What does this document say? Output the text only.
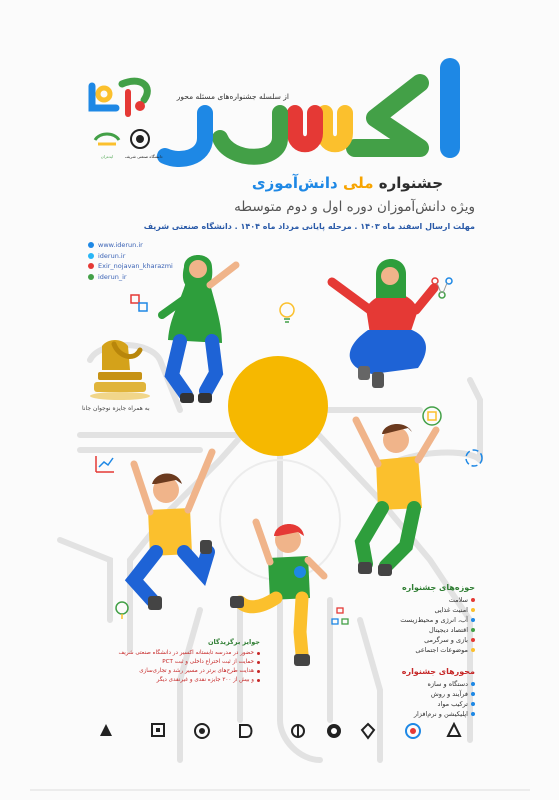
از سلسله جشنواره‌های مسئله محور
ایده‌ران	دانشگاه صنعتی شریف
جشنواره ملی دانش‌آموزی
ویژه دانش‌آموزان دوره اول و دوم متوسطه
مهلت ارسال اسفند ماه ۱۴۰۳ . مرحله پایانی مرداد ماه ۱۴۰۴ . دانشگاه صنعتی شریف
www.iderun.ir
iderun.ir
Exir_nojavan_kharazmi
iderun_ir
به همراه جایزه نوجوان جانا
حوزه‌های جشنواره
سلامت
امنیت غذایی
آب، انرژی و محیط‌زیست
اقتصاد دیجیتال
بازی و سرگرمی
موضوعات اجتماعی
محورهای جشنواره
دستگاه و سازه
فرآیند و روش
ترکیب مواد
اپلیکیشن و نرم‌افزار
جوایز برگزیدگان
حضور در مدرسه تابستانه اکسیر در دانشگاه صنعتی شریف
حمایت از ثبت اختراع داخلی و ثبت PCT
هدایت طرح‌های برتر در مسیر رشد و تجاری‌سازی
و بیش از ۳۰۰ جایزه نقدی و غیرنقدی دیگر
